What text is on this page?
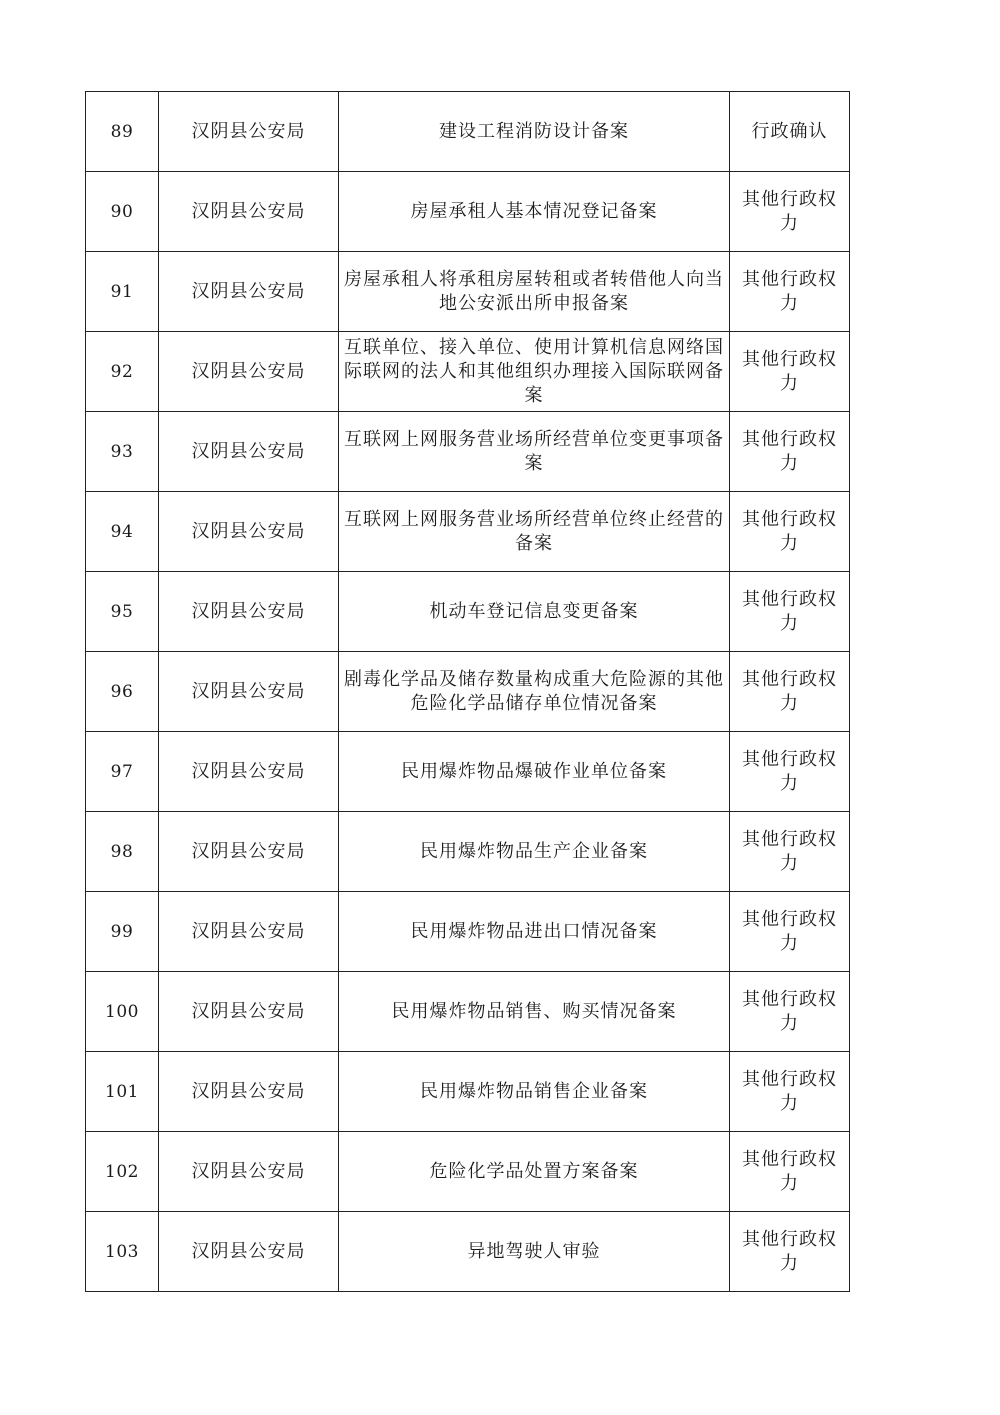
89	汉阴县公安局	建设工程消防设计备案	行政确认
90	汉阴县公安局	房屋承租人基本情况登记备案	其他行政权力
91	汉阴县公安局	房屋承租人将承租房屋转租或者转借他人向当地公安派出所申报备案	其他行政权力
92	汉阴县公安局	互联单位、接入单位、使用计算机信息网络国际联网的法人和其他组织办理接入国际联网备案	其他行政权力
93	汉阴县公安局	互联网上网服务营业场所经营单位变更事项备案	其他行政权力
94	汉阴县公安局	互联网上网服务营业场所经营单位终止经营的备案	其他行政权力
95	汉阴县公安局	机动车登记信息变更备案	其他行政权力
96	汉阴县公安局	剧毒化学品及储存数量构成重大危险源的其他危险化学品储存单位情况备案	其他行政权力
97	汉阴县公安局	民用爆炸物品爆破作业单位备案	其他行政权力
98	汉阴县公安局	民用爆炸物品生产企业备案	其他行政权力
99	汉阴县公安局	民用爆炸物品进出口情况备案	其他行政权力
100	汉阴县公安局	民用爆炸物品销售、购买情况备案	其他行政权力
101	汉阴县公安局	民用爆炸物品销售企业备案	其他行政权力
102	汉阴县公安局	危险化学品处置方案备案	其他行政权力
103	汉阴县公安局	异地驾驶人审验	其他行政权力
